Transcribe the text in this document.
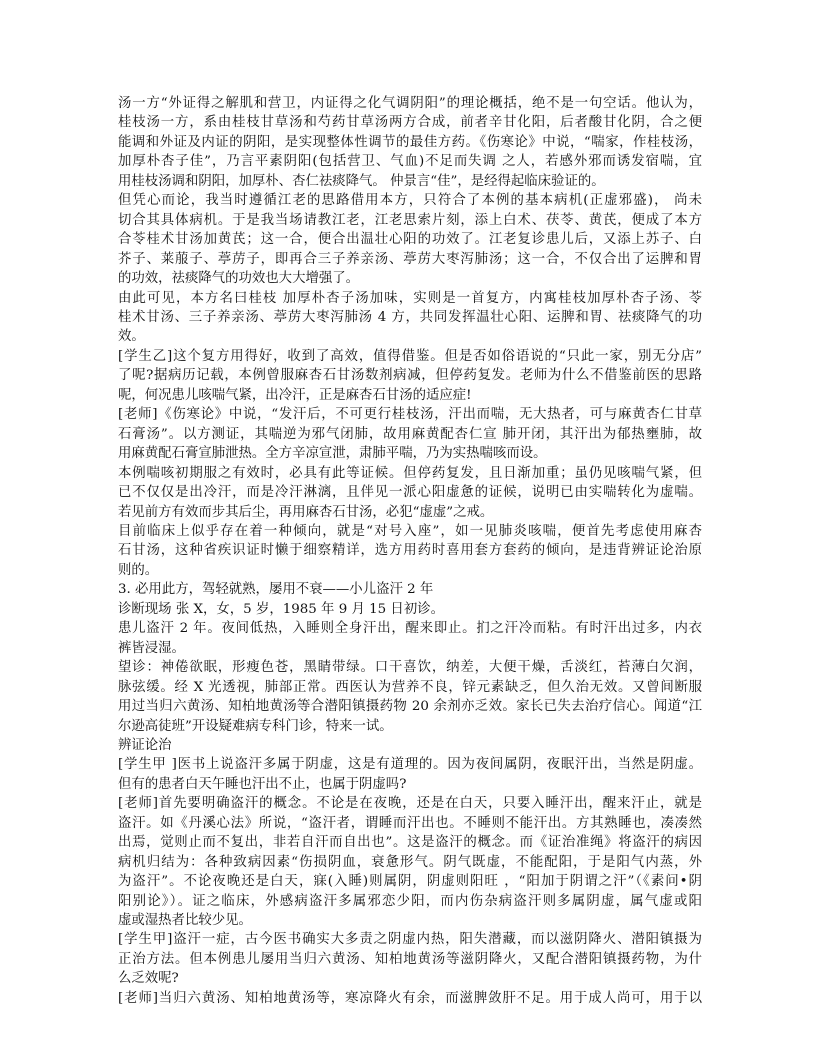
汤一方“外证得之解肌和营卫，内证得之化气调阴阳”的理论概括，绝不是一句空话。他认为，
桂枝汤一方，系由桂枝甘草汤和芍药甘草汤两方合成，前者辛甘化阳，后者酸甘化阴，合之便
能调和外证及内证的阴阳，是实现整体性调节的最佳方药。《伤寒论》中说，“喘家，作桂枝汤，
加厚朴杏子佳”，乃言平素阴阳(包括营卫、气血)不足而失调 之人，若感外邪而诱发宿喘，宜
用桂枝汤调和阴阳，加厚朴、杏仁祛痰降气。 仲景言“佳”，是经得起临床验证的。
但凭心而论，我当时遵循江老的思路借用本方，只符合了本例的基本病机(正虚邪盛)， 尚未
切合其具体病机。于是我当场请教江老，江老思索片刻，添上白术、茯苓、黄芪，便成了本方
合苓桂术甘汤加黄芪；这一合，便合出温壮心阳的功效了。江老复诊患儿后，又添上苏子、白
芥子、莱菔子、葶苈子，即再合三子养亲汤、葶苈大枣泻肺汤；这一合，不仅合出了运脾和胃
的功效，祛痰降气的功效也大大增强了。
由此可见，本方名曰桂枝 加厚朴杏子汤加味，实则是一首复方，内寓桂枝加厚朴杏子汤、苓
桂术甘汤、三子养亲汤、葶苈大枣泻肺汤 4 方，共同发挥温壮心阳、运脾和胃、祛痰降气的功
效。
[学生乙]这个复方用得好，收到了高效，值得借鉴。但是否如俗语说的“只此一家，别无分店”
了呢?据病历记载，本例曾服麻杏石甘汤数剂病减，但停药复发。老师为什么不借鉴前医的思路
呢，何况患儿咳喘气紧，出冷汗，正是麻杏石甘汤的适应症!
[老师]《伤寒论》中说，“发汗后，不可更行桂枝汤，汗出而喘，无大热者，可与麻黄杏仁甘草
石膏汤”。以方测证，其喘逆为邪气闭肺，故用麻黄配杏仁宣 肺开闭，其汗出为郁热壅肺，故
用麻黄配石膏宣肺泄热。全方辛凉宣泄，肃肺平喘，乃为实热喘咳而设。
本例喘咳初期服之有效时，必具有此等证候。但停药复发，且日渐加重；虽仍见咳喘气紧，但
已不仅仅是出冷汗，而是冷汗淋漓，且伴见一派心阳虚惫的证候，说明已由实喘转化为虚喘。
若见前方有效而步其后尘，再用麻杏石甘汤，必犯“虚虚”之戒。
目前临床上似乎存在着一种倾向，就是“对号入座”，如一见肺炎咳喘，便首先考虑使用麻杏
石甘汤，这种省疾识证时懒于细察精详，选方用药时喜用套方套药的倾向，是违背辨证论治原
则的。
3. 必用此方，驾轻就熟，屡用不衰——小儿盗汗 2 年
诊断现场 张 X，女，5 岁，1985 年 9 月 15 日初诊。
患儿盗汗 2 年。夜间低热，入睡则全身汗出，醒来即止。扪之汗冷而粘。有时汗出过多，内衣
裤皆浸湿。
望诊：神倦欲眠，形瘦色苍，黑睛带绿。口干喜饮，纳差，大便干燥，舌淡红，苔薄白欠润，
脉弦缓。经 X 光透视，肺部正常。西医认为营养不良，锌元素缺乏，但久治无效。又曾间断服
用过当归六黄汤、知柏地黄汤等合潜阳镇摄药物 20 余剂亦乏效。家长已失去治疗信心。闻道“江
尔逊高徒班”开设疑难病专科门诊，特来一试。
辨证论治
[学生甲 ]医书上说盗汗多属于阴虚，这是有道理的。因为夜间属阴，夜眠汗出，当然是阴虚。
但有的患者白天午睡也汗出不止，也属于阴虚吗?
[老师]首先要明确盗汗的概念。不论是在夜晚，还是在白天，只要入睡汗出，醒来汗止，就是
盗汗。如《丹溪心法》所说，“盗汗者，谓睡而汗出也。不睡则不能汗出。方其熟睡也，凑凑然
出焉，觉则止而不复出，非若自汗而自出也”。这是盗汗的概念。而《证治准绳》将盗汗的病因
病机归结为：各种致病因素“伤损阴血，衰惫形气。阴气既虚，不能配阳，于是阳气内蒸，外
为盗汗”。不论夜晚还是白天，寐(入睡)则属阴，阴虚则阳旺 ，“阳加于阴谓之汗”（《素问•阴
阳别论》）。证之临床，外感病盗汗多属邪恋少阳，而内伤杂病盗汗则多属阴虚，属气虚或阳
虚或湿热者比较少见。
[学生甲]盗汗一症，古今医书确实大多责之阴虚内热，阳失潜藏，而以滋阴降火、潜阳镇摄为
正治方法。但本例患儿屡用当归六黄汤、知柏地黄汤等滋阴降火，又配合潜阳镇摄药物，为什
么乏效呢?
[老师]当归六黄汤、知柏地黄汤等，寒凉降火有余，而滋脾敛肝不足。用于成人尚可，用于以
